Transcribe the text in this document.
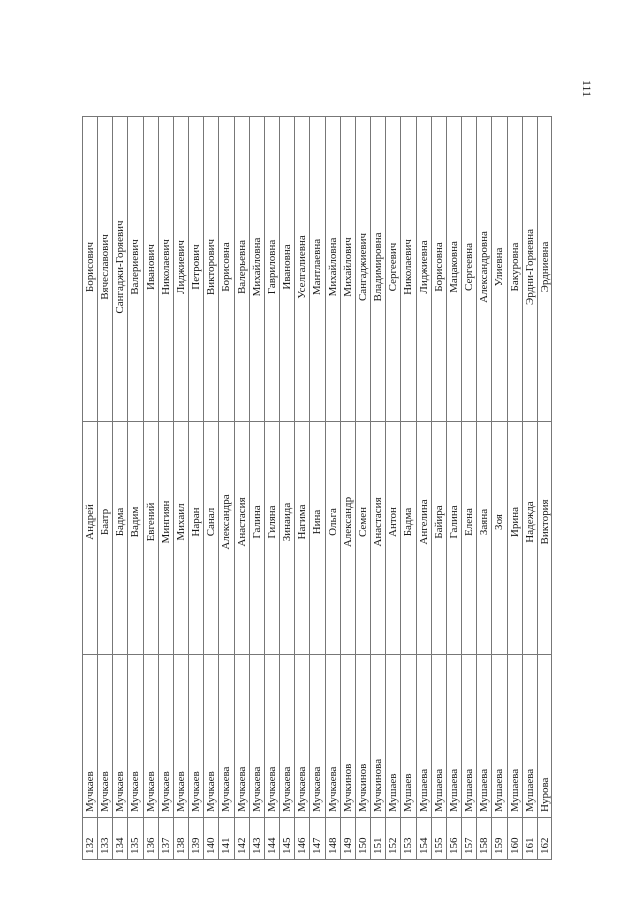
111
132
Мучкаев
Андрей
Борисович
133
Мучкаев
Баатр
Вячеславович
134
Мучкаев
Бадма
Сангаджи-Горяевич
135
Мучкаев
Вадим
Валериевич
136
Мучкаев
Евгений
Иванович
137
Мучкаев
Мингиян
Николаевич
138
Мучкаев
Михаил
Лиджиевич
139
Мучкаев
Наран
Петрович
140
Мучкаев
Санал
Викторович
141
Мучкаева
Александра
Борисовна
142
Мучкаева
Анастасия
Валерьевна
143
Мучкаева
Галина
Михайловна
144
Мучкаева
Гиляна
Гавриловна
145
Мучкаева
Зинаида
Ивановна
146
Мучкаева
Нагима
Уселгалиевна
147
Мучкаева
Нина
Мантлаевна
148
Мучкаева
Ольга
Михайловна
149
Мучкинов
Александр
Михайлович
150
Мучкинов
Семен
Сангаджиевич
151
Мучкинова
Анастасия
Владимировна
152
Мушаев
Антон
Сергеевич
153
Мушаев
Бадма
Николаевич
154
Мушаева
Ангелина
Лиджиевна
155
Мушаева
Байира
Борисовна
156
Мушаева
Галина
Мацаковна
157
Мушаева
Елена
Сергеевна
158
Мушаева
Заяна
Александровна
159
Мушаева
Зоя
Улиевна
160
Мушаева
Ирина
Бакуровна
161
Мушаева
Надежда
Эрдни-Горяевна
162
Нурова
Виктория
Эрдниевна
